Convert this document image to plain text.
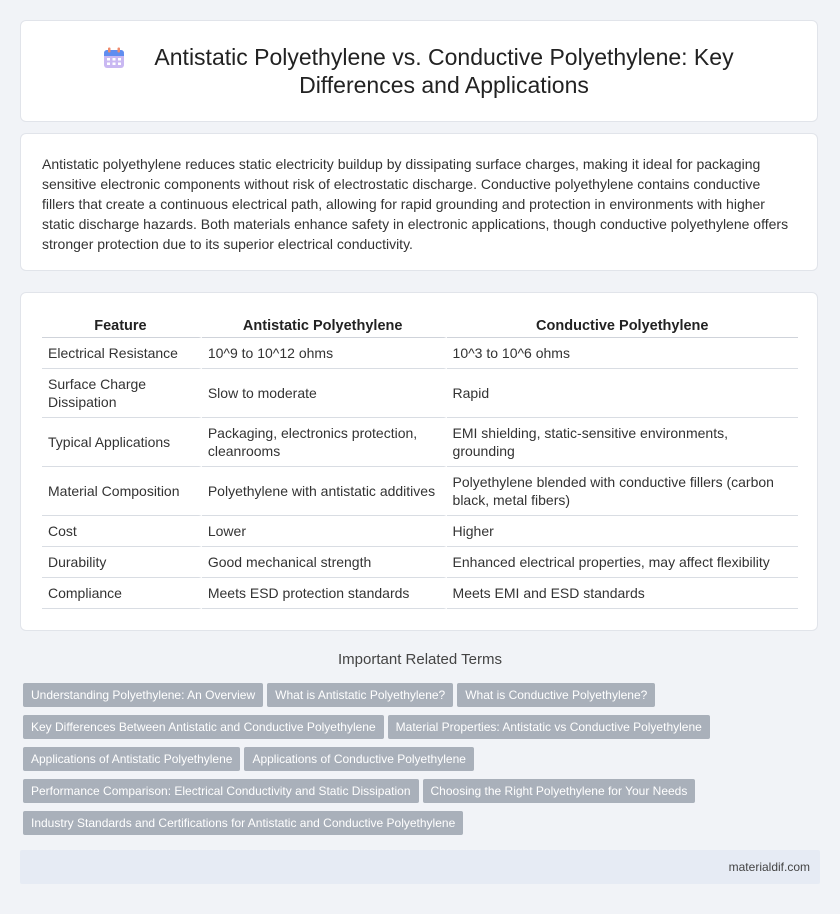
Antistatic Polyethylene vs. Conductive Polyethylene: Key Differences and Applications

Antistatic polyethylene reduces static electricity buildup by dissipating surface charges, making it ideal for packaging sensitive electronic components without risk of electrostatic discharge. Conductive polyethylene contains conductive fillers that create a continuous electrical path, allowing for rapid grounding and protection in environments with higher static discharge hazards. Both materials enhance safety in electronic applications, though conductive polyethylene offers stronger protection due to its superior electrical conductivity.

Feature	Antistatic Polyethylene	Conductive Polyethylene
Electrical Resistance	10^9 to 10^12 ohms	10^3 to 10^6 ohms
Surface Charge Dissipation	Slow to moderate	Rapid
Typical Applications	Packaging, electronics protection, cleanrooms	EMI shielding, static-sensitive environments, grounding
Material Composition	Polyethylene with antistatic additives	Polyethylene blended with conductive fillers (carbon black, metal fibers)
Cost	Lower	Higher
Durability	Good mechanical strength	Enhanced electrical properties, may affect flexibility
Compliance	Meets ESD protection standards	Meets EMI and ESD standards
Important Related Terms
Understanding Polyethylene: An Overview What is Antistatic Polyethylene? What is Conductive Polyethylene?
Key Differences Between Antistatic and Conductive Polyethylene Material Properties: Antistatic vs Conductive Polyethylene
Applications of Antistatic Polyethylene Applications of Conductive Polyethylene
Performance Comparison: Electrical Conductivity and Static Dissipation Choosing the Right Polyethylene for Your Needs
Industry Standards and Certifications for Antistatic and Conductive Polyethylene
materialdif.com
